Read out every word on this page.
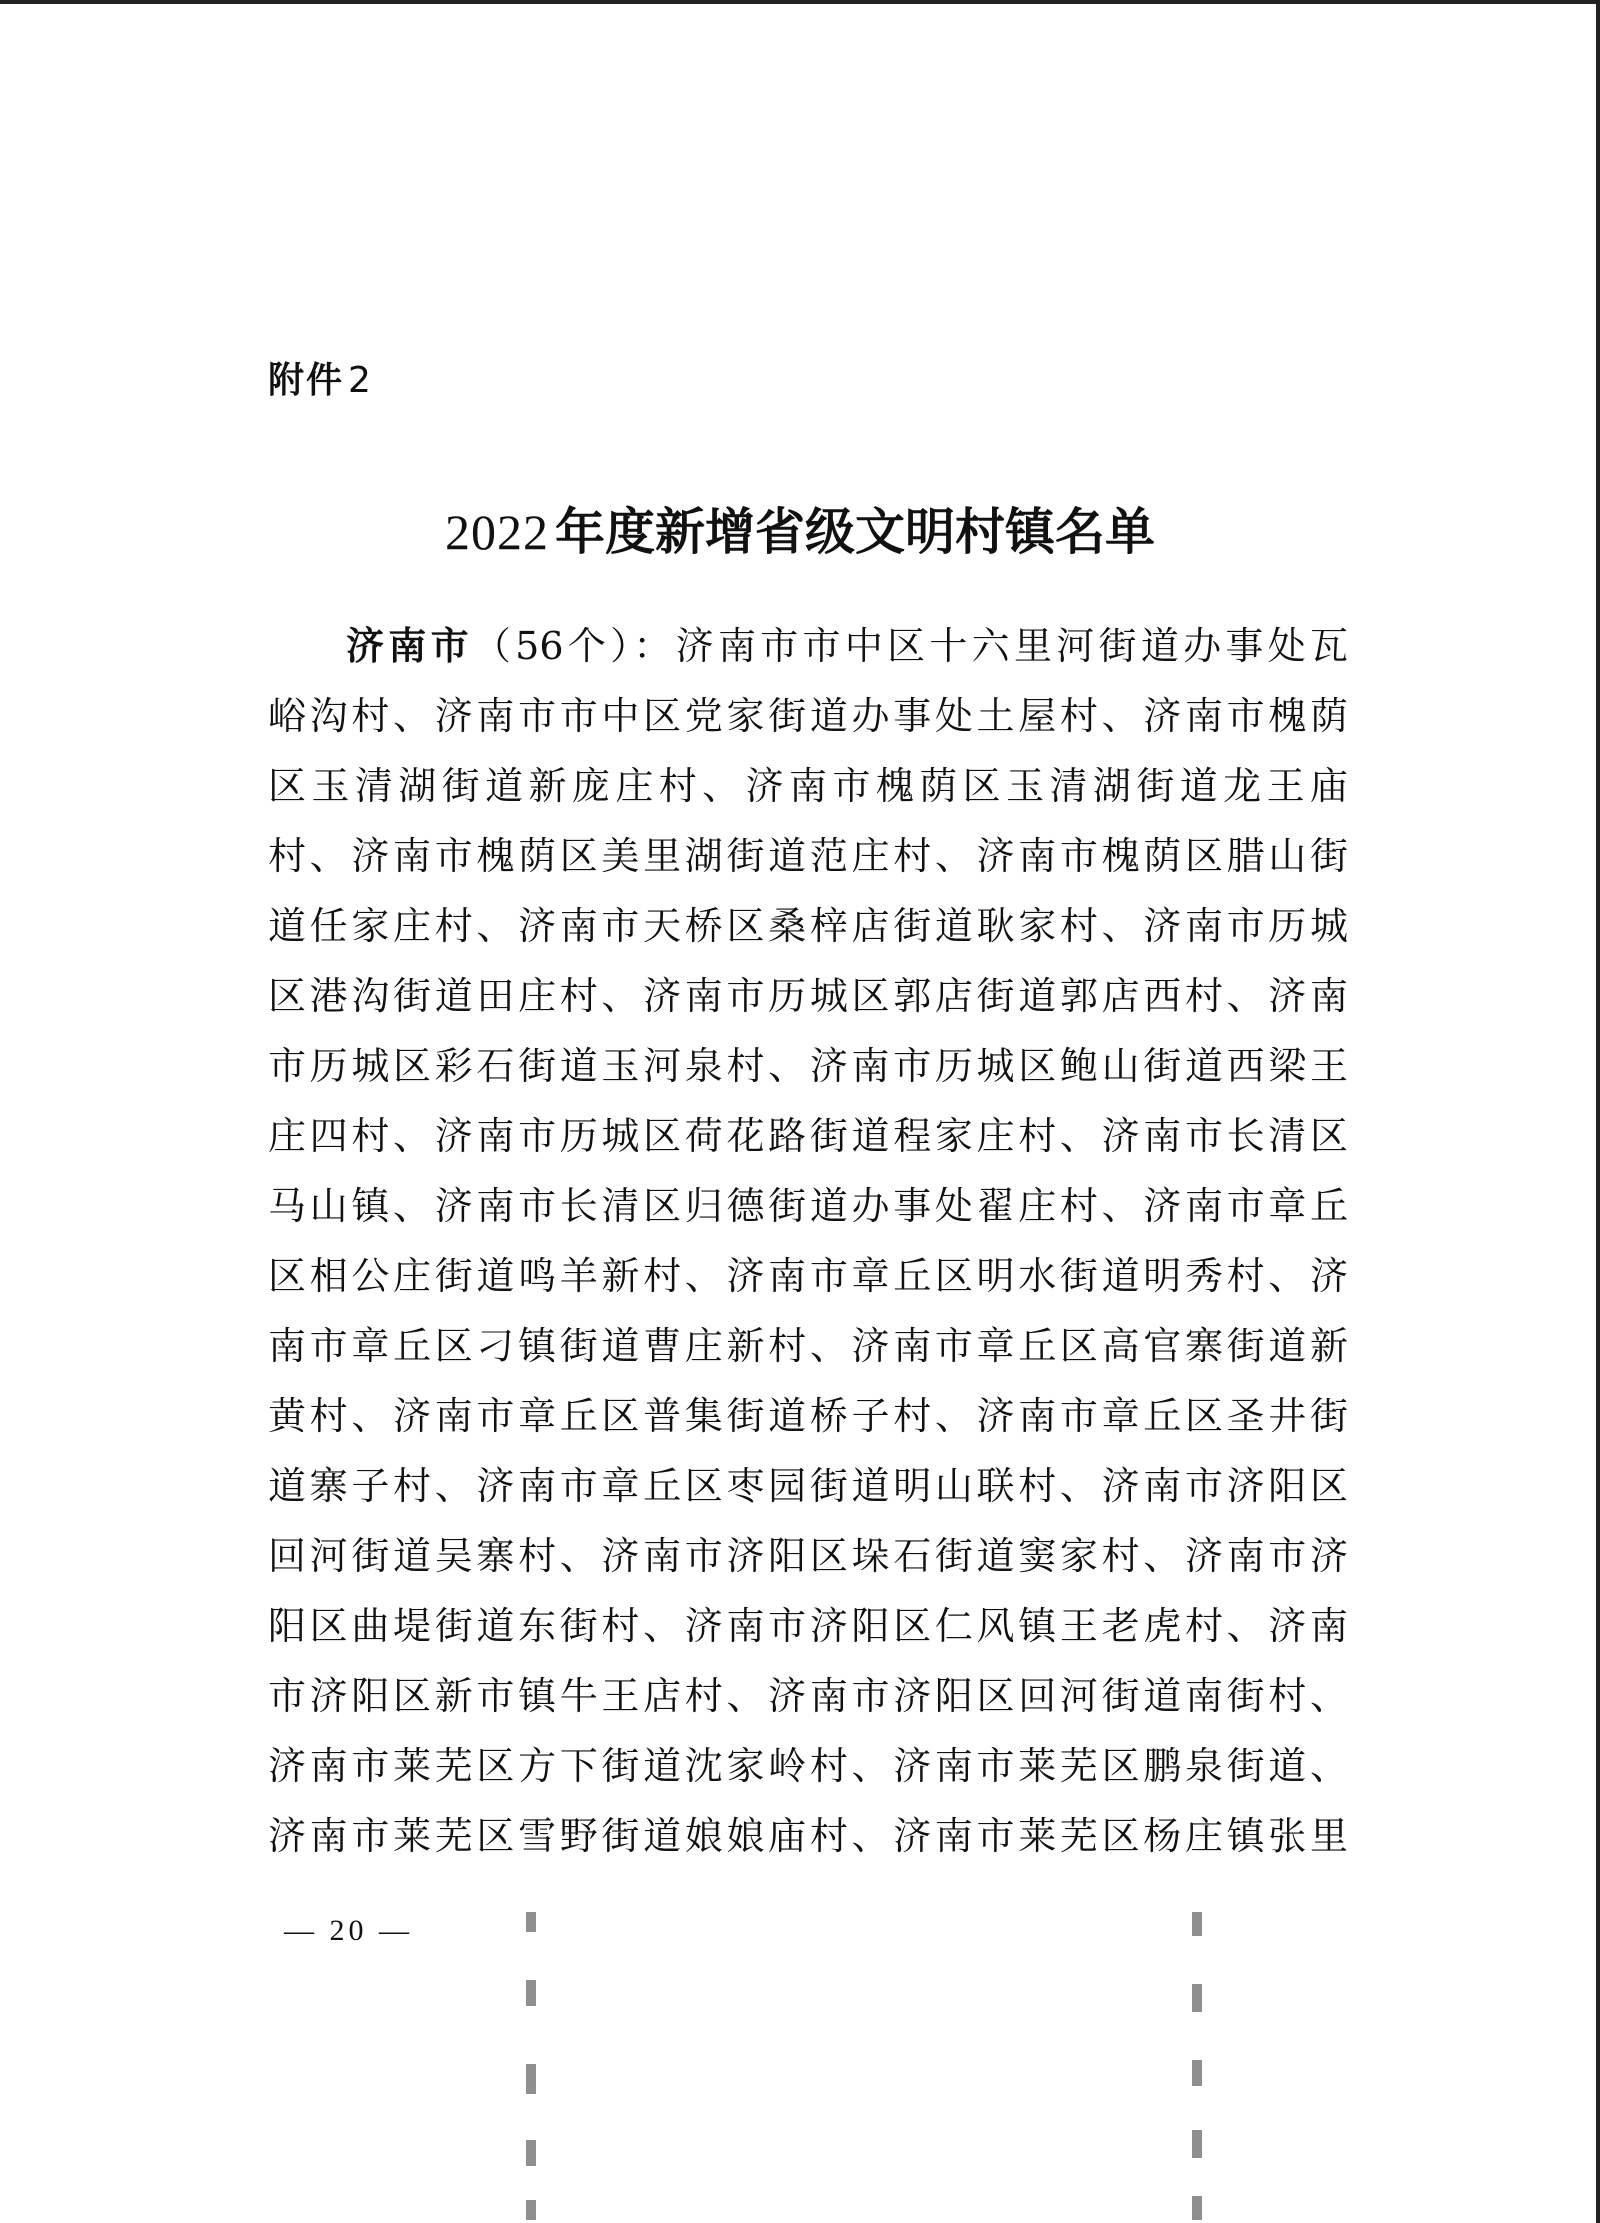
附件 2
2022 年度新增省级文明村镇名单
济南市（56个）：济南市市中区十六里河街道办事处瓦
峪沟村、济南市市中区党家街道办事处土屋村、济南市槐荫
区玉清湖街道新庞庄村、济南市槐荫区玉清湖街道龙王庙
村、济南市槐荫区美里湖街道范庄村、济南市槐荫区腊山街
道任家庄村、济南市天桥区桑梓店街道耿家村、济南市历城
区港沟街道田庄村、济南市历城区郭店街道郭店西村、济南
市历城区彩石街道玉河泉村、济南市历城区鲍山街道西梁王
庄四村、济南市历城区荷花路街道程家庄村、济南市长清区
马山镇、济南市长清区归德街道办事处翟庄村、济南市章丘
区相公庄街道鸣羊新村、济南市章丘区明水街道明秀村、济
南市章丘区刁镇街道曹庄新村、济南市章丘区高官寨街道新
黄村、济南市章丘区普集街道桥子村、济南市章丘区圣井街
道寨子村、济南市章丘区枣园街道明山联村、济南市济阳区
回河街道吴寨村、济南市济阳区垛石街道窦家村、济南市济
阳区曲堤街道东街村、济南市济阳区仁风镇王老虎村、济南
市济阳区新市镇牛王店村、济南市济阳区回河街道南街村、
济南市莱芜区方下街道沈家岭村、济南市莱芜区鹏泉街道、
济南市莱芜区雪野街道娘娘庙村、济南市莱芜区杨庄镇张里
— 20 —
